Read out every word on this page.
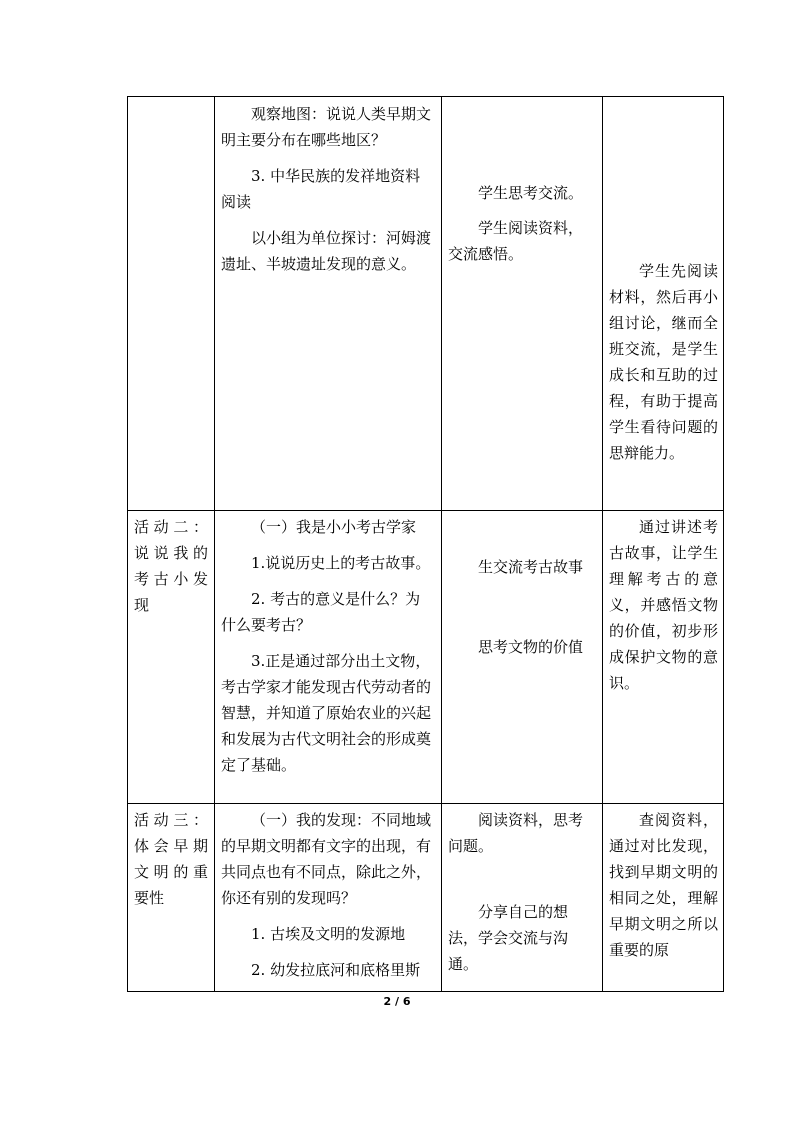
观察地图：说说人类早期文明主要分布在哪些地区？

3. 中华民族的发祥地资料阅读

以小组为单位探讨：河姆渡遗址、半坡遗址发现的意义。

学生思考交流。

学生阅读资料，交流感悟。

学生先阅读材料，然后再小组讨论，继而全班交流，是学生成长和互助的过程，有助于提高学生看待问题的思辩能力。

活动二：说说我的考古小发现

（一）我是小小考古学家

1.说说历史上的考古故事。

2. 考古的意义是什么？为什么要考古？

3.正是通过部分出土文物，考古学家才能发现古代劳动者的智慧，并知道了原始农业的兴起和发展为古代文明社会的形成奠定了基础。

生交流考古故事

思考文物的价值

通过讲述考古故事，让学生理解考古的意义，并感悟文物的价值，初步形成保护文物的意识。

活动三：体会早期文明的重要性

（一）我的发现：不同地域的早期文明都有文字的出现，有共同点也有不同点，除此之外，你还有别的发现吗？

1. 古埃及文明的发源地

2. 幼发拉底河和底格里斯

阅读资料，思考问题。

分享自己的想法，学会交流与沟通。

查阅资料，通过对比发现，找到早期文明的相同之处，理解早期文明之所以重要的原

2 / 6
